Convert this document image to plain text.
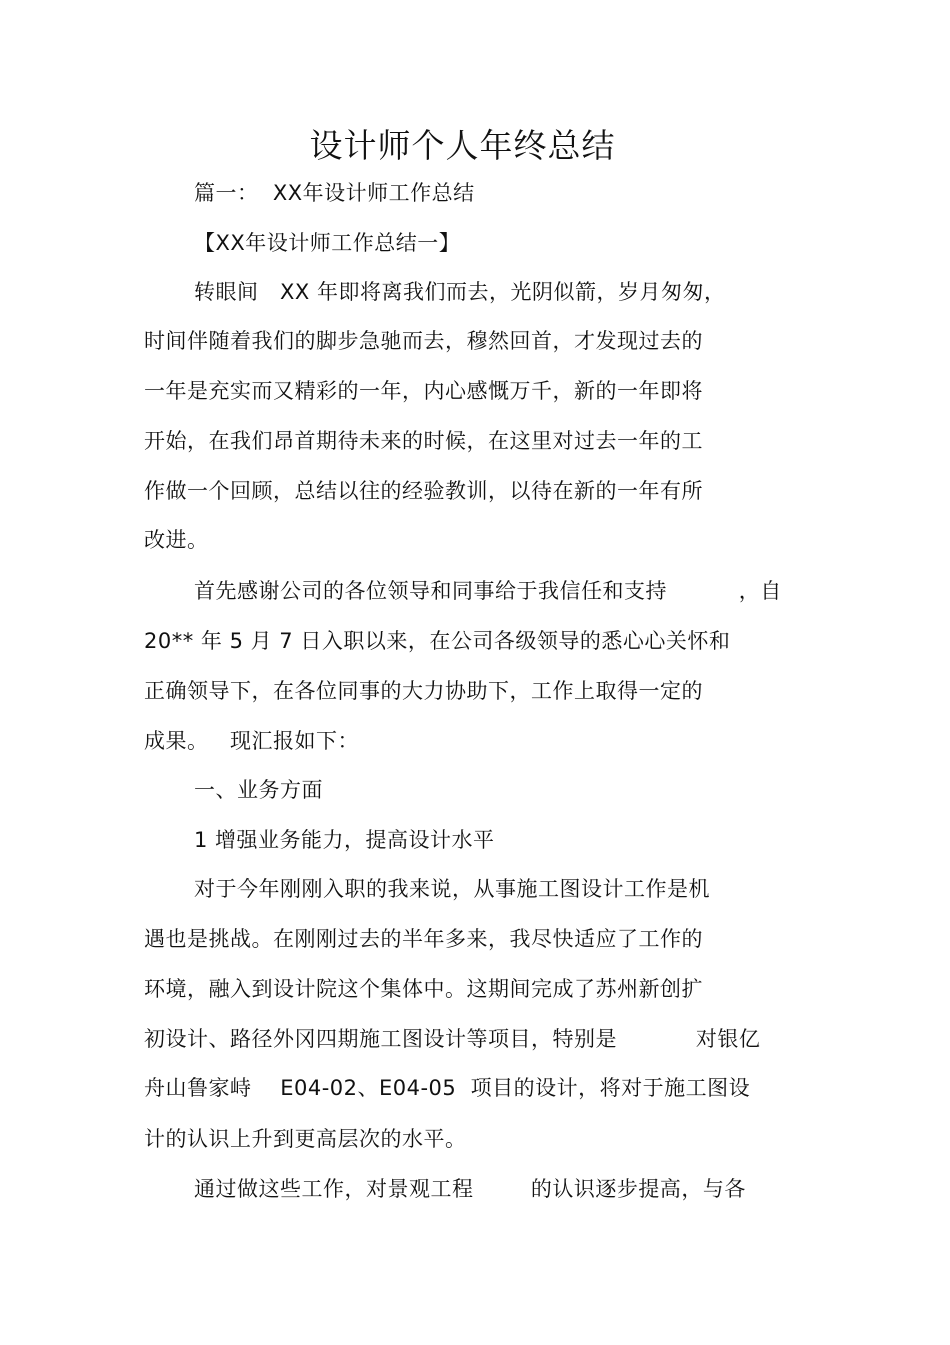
设计师个人年终总结
篇一：  XX年设计师工作总结
【XX年设计师工作总结一】
转眼间   XX 年即将离我们而去，光阴似箭，岁月匆匆，
时间伴随着我们的脚步急驰而去，穆然回首，才发现过去的
一年是充实而又精彩的一年，内心感慨万千，新的一年即将
开始，在我们昂首期待未来的时候，在这里对过去一年的工
作做一个回顾，总结以往的经验教训，以待在新的一年有所
改进。
首先感谢公司的各位领导和同事给于我信任和支持          ，自
20** 年 5 月 7 日入职以来，在公司各级领导的悉心心关怀和
正确领导下，在各位同事的大力协助下，工作上取得一定的
成果。   现汇报如下：
一、业务方面
1 增强业务能力，提高设计水平
对于今年刚刚入职的我来说，从事施工图设计工作是机
遇也是挑战。在刚刚过去的半年多来，我尽快适应了工作的
环境，融入到设计院这个集体中。这期间完成了苏州新创扩
初设计、路径外冈四期施工图设计等项目，特别是           对银亿
舟山鲁家峙    E04-02、E04-05  项目的设计，将对于施工图设
计的认识上升到更高层次的水平。
通过做这些工作，对景观工程        的认识逐步提高，与各
